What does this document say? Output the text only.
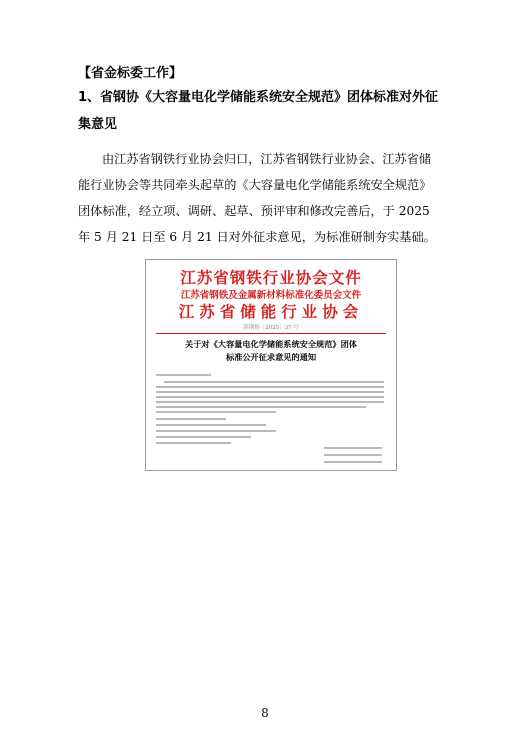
【省金标委工作】
1、省钢协《大容量电化学储能系统安全规范》团体标准对外征
集意见
由江苏省钢铁行业协会归口，江苏省钢铁行业协会、江苏省储
能行业协会等共同牵头起草的《大容量电化学储能系统安全规范》
团体标准，经立项、调研、起草、预评审和修改完善后，于 2025
年 5 月 21 日至 6 月 21 日对外征求意见，为标准研制夯实基础。
江苏省钢铁行业协会文件
江苏省钢铁及金属新材料标准化委员会文件
江苏省储能行业协会
苏钢协〔2025〕37 号
关于对《大容量电化学储能系统安全规范》团体
标准公开征求意见的通知
8
